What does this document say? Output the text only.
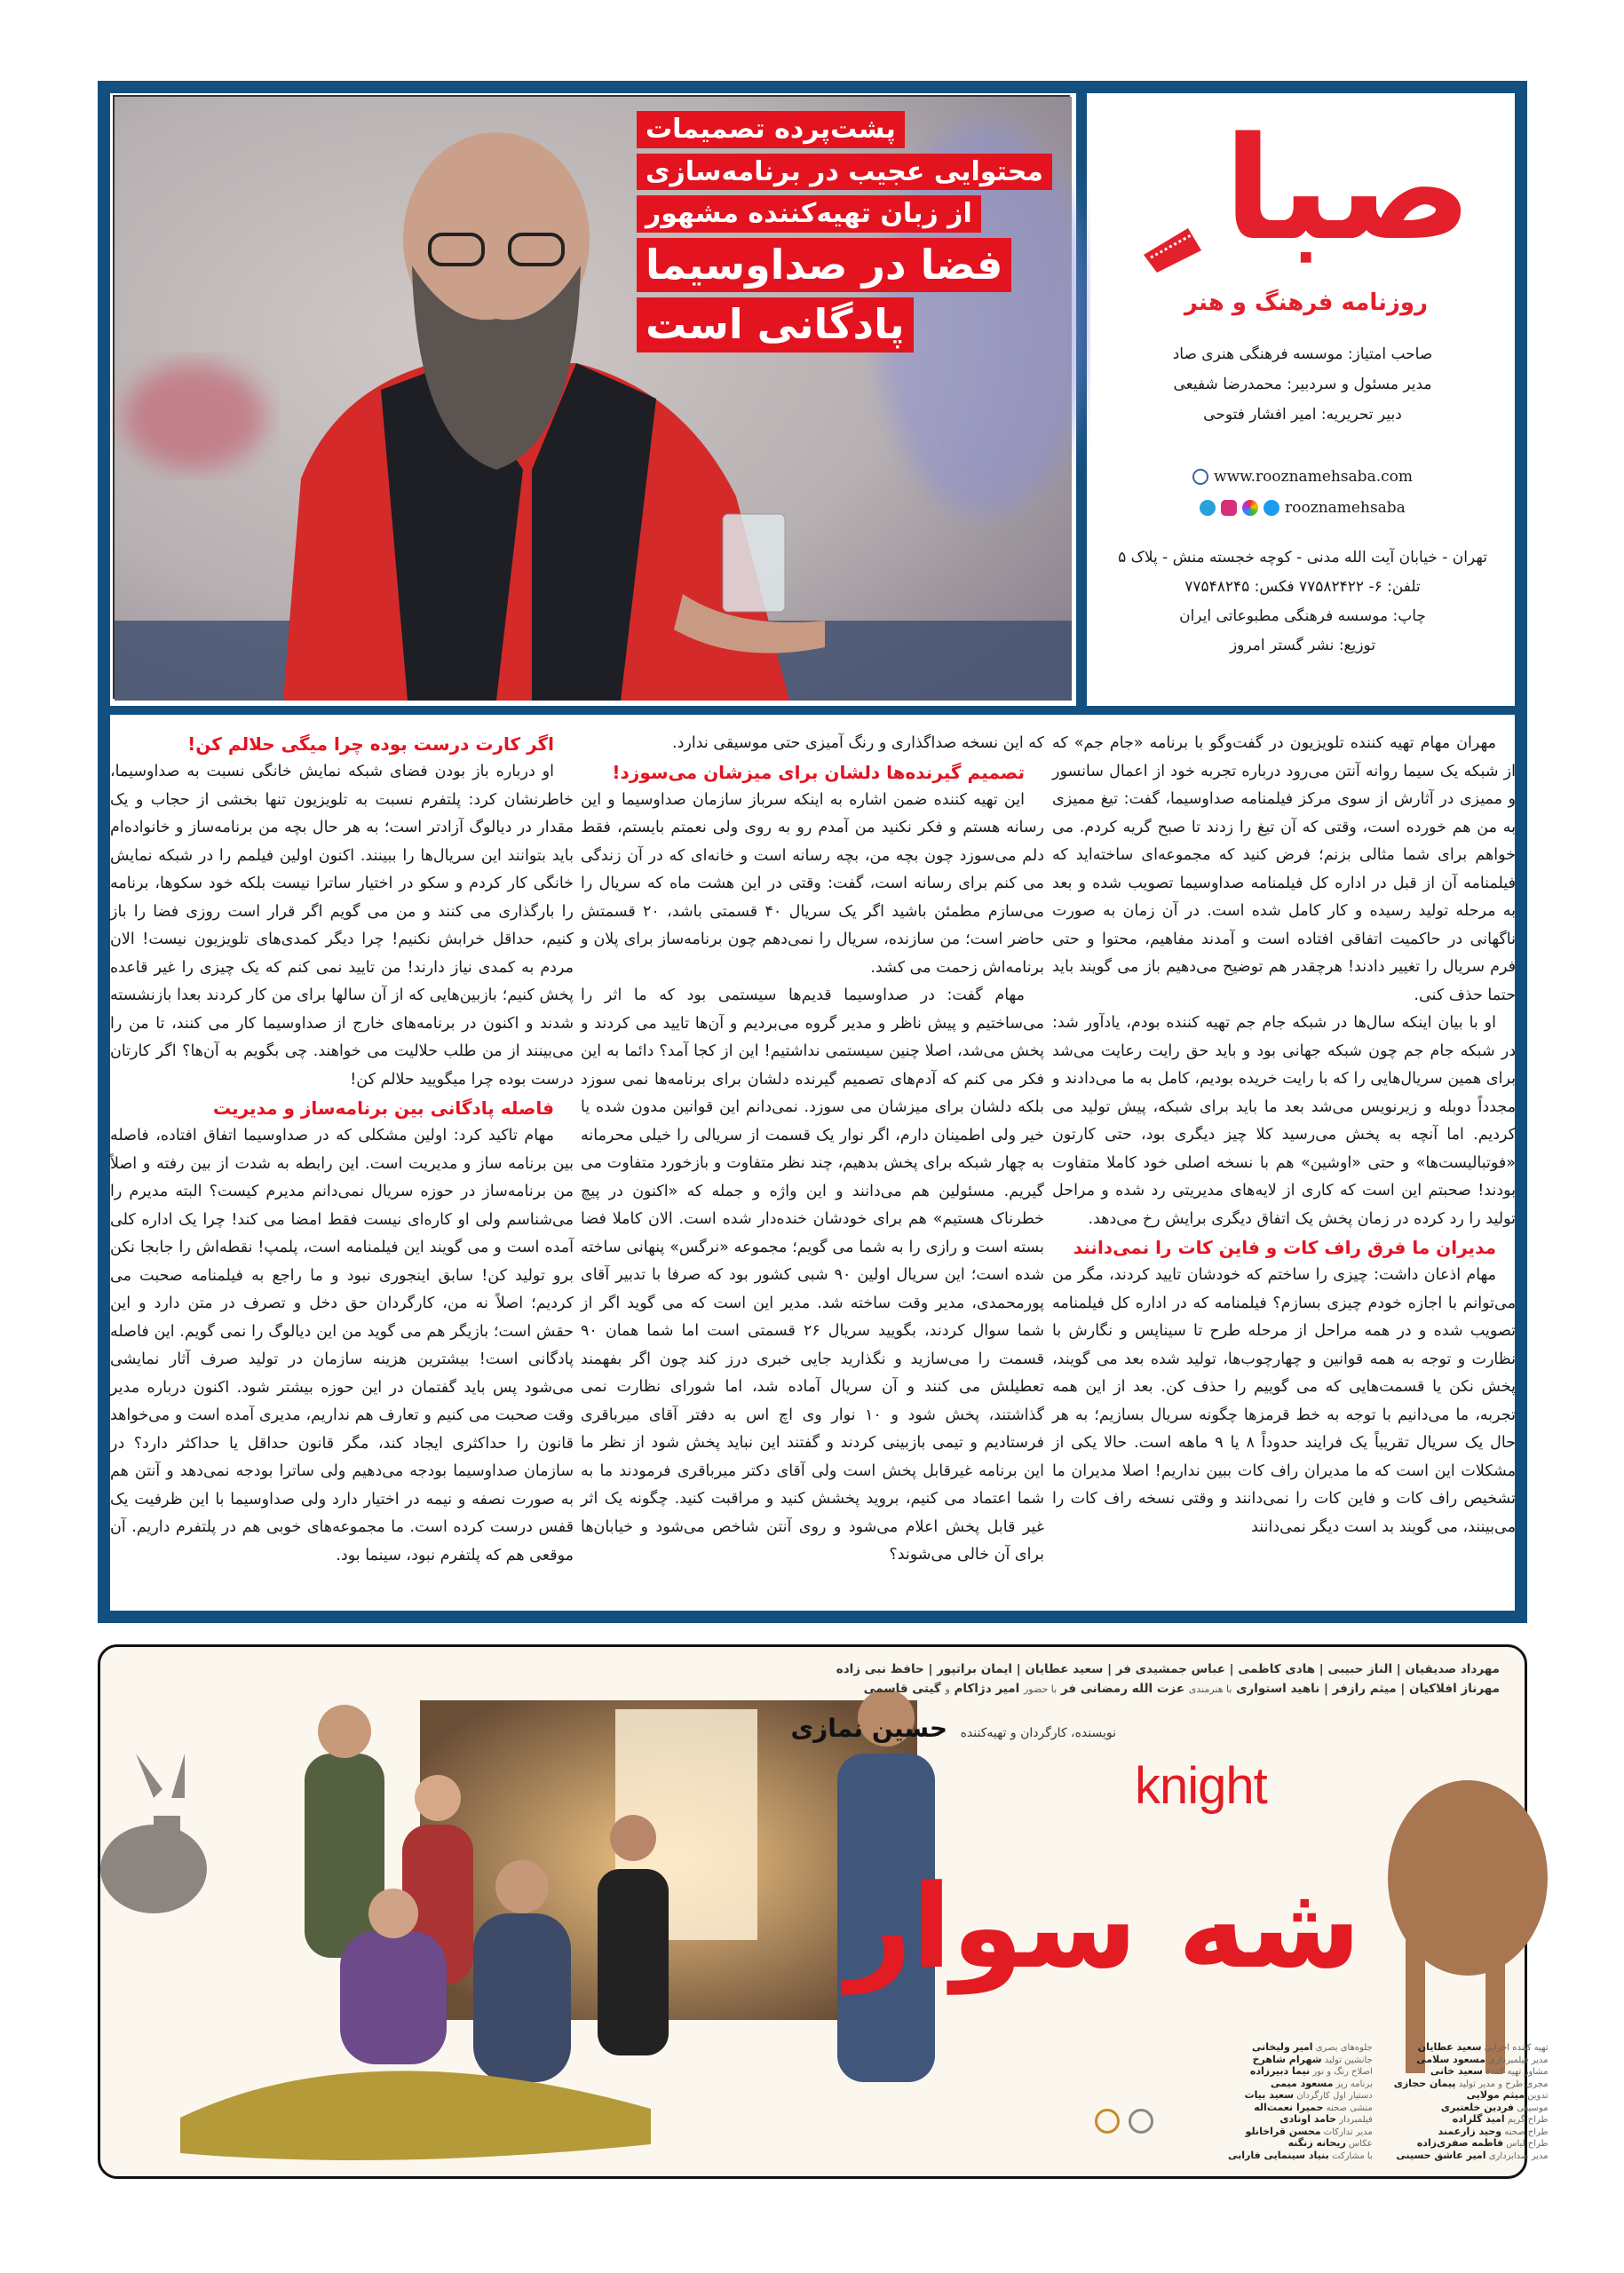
پشت‌پرده تصمیمات
محتوایی عجیب در برنامه‌سازی
از زبان تهیه‌کننده مشهور
فضا در صداوسیما
پادگانی است
صبا
روزنامه فرهنگ و هنر
صاحب امتیاز: موسسه فرهنگی هنری صاد
مدیر مسئول و سردبیر: محمدرضا شفیعی
دبیر تحریریه: امیر افشار فتوحی
www.rooznamehsaba.com
rooznamehsaba
تهران - خیابان آیت الله مدنی - کوچه خجسته منش - پلاک ۵
تلفن: ۶- ۷۷۵۸۲۴۲۲ فکس: ۷۷۵۴۸۲۴۵
چاپ: موسسه فرهنگی مطبوعاتی ایران
توزیع: نشر گستر امروز

مهران مهام تهیه کننده تلویزیون در گفت‌وگو با برنامه «جام جم» که از شبکه یک سیما روانه آنتن می‌رود درباره تجربه خود از اعمال سانسور و ممیزی در آثارش از سوی مرکز فیلمنامه صداوسیما، گفت: تیغ ممیزی به من هم خورده است، وقتی که آن تیغ را زدند تا صبح گریه کردم. می خواهم برای شما مثالی بزنم؛ فرض کنید که مجموعه‌ای ساخته‌اید که فیلمنامه آن از قبل در اداره کل فیلمنامه صداوسیما تصویب شده و بعد به مرحله تولید رسیده و کار کامل شده است. در آن زمان به صورت ناگهانی در حاکمیت اتفاقی افتاده است و آمدند مفاهیم، محتوا و حتی فرم سریال را تغییر دادند! هرچقدر هم توضیح می‌دهیم باز می گویند باید حتما حذف کنی.

او با بیان اینکه سال‌ها در شبکه جام جم تهیه کننده بودم، یادآور شد: در شبکه جام جم چون شبکه جهانی بود و باید حق رایت رعایت می‌شد برای همین سریال‌هایی را که با رایت خریده بودیم، کامل به ما می‌دادند و مجدداً دوبله و زیرنویس می‌شد بعد ما باید برای شبکه، پیش تولید می کردیم. اما آنچه به پخش می‌رسید کلا چیز دیگری بود، حتی کارتون «فوتبالیست‌ها» و حتی «اوشین» هم با نسخه اصلی خود کاملا متفاوت بودند! صحبتم این است که کاری از لایه‌های مدیریتی رد شده و مراحل تولید را رد کرده در زمان پخش یک اتفاق دیگری برایش رخ می‌دهد.

مدیران ما فرق راف کات و فاین کات را نمی‌دانند

مهام اذعان داشت: چیزی را ساختم که خودشان تایید کردند، مگر من می‌توانم با اجازه خودم چیزی بسازم؟ فیلمنامه که در اداره کل فیلمنامه تصویب شده و در همه مراحل از مرحله طرح تا سیناپس و نگارش با نظارت و توجه به همه قوانین و چهارچوب‌ها، تولید شده بعد می گویند، پخش نکن یا قسمت‌هایی که می گوییم را حذف کن. بعد از این همه تجربه، ما می‌دانیم با توجه به خط قرمزها چگونه سریال بسازیم؛ به هر حال یک سریال تقریباً یک فرایند حدوداً ۸ یا ۹ ماهه است. حالا یکی از مشکلات این است که ما مدیران راف کات ببین نداریم! اصلا مدیران ما تشخیص راف کات و فاین کات را نمی‌دانند و وقتی نسخه راف کات را می‌بینند، می گویند بد است دیگر نمی‌دانند

که این نسخه صداگذاری و رنگ آمیزی حتی موسیقی ندارد.

تصمیم گیرنده‌ها دلشان برای میزشان می‌سوزد!

این تهیه کننده ضمن اشاره به اینکه سرباز سازمان صداوسیما و این رسانه هستم و فکر نکنید من آمدم رو به روی ولی نعمتم بایستم، فقط دلم می‌سوزد چون بچه من، بچه رسانه است و خانه‌ای که در آن زندگی می کنم برای رسانه است، گفت: وقتی در این هشت ماه که سریال را می‌سازم مطمئن باشید اگر یک سریال ۴۰ قسمتی باشد، ۲۰ قسمتش حاضر است؛ من سازنده، سریال را نمی‌دهم چون برنامه‌ساز برای پلان و برنامه‌اش زحمت می کشد.

مهام گفت: در صداوسیما قدیم‌ها سیستمی بود که ما اثر را می‌ساختیم و پیش ناظر و مدیر گروه می‌بردیم و آن‌ها تایید می کردند و پخش می‌شد، اصلا چنین سیستمی نداشتیم! این از کجا آمد؟ دائما به این فکر می کنم که آدم‌های تصمیم گیرنده دلشان برای برنامه‌ها نمی سوزد بلکه دلشان برای میزشان می سوزد. نمی‌دانم این قوانین مدون شده یا خیر ولی اطمینان دارم، اگر نوار یک قسمت از سریالی را خیلی محرمانه به چهار شبکه برای پخش بدهیم، چند نظر متفاوت و بازخورد متفاوت می گیریم. مسئولین هم می‌دانند و این واژه و جمله که «اکنون در پیچ خطرناک هستیم» هم برای خودشان خنده‌دار شده است. الان کاملا فضا بسته است و رازی را به شما می گویم؛ مجموعه «نرگس» پنهانی ساخته شده است؛ این سریال اولین ۹۰ شبی کشور بود که صرفا با تدبیر آقای پورمحمدی، مدیر وقت ساخته شد. مدیر این است که می گوید اگر از شما سوال کردند، بگویید سریال ۲۶ قسمتی است اما شما همان ۹۰ قسمت را می‌سازید و نگذارید جایی خبری درز کند چون اگر بفهمند تعطیلش می کنند و آن سریال آماده شد، اما شورای نظارت نمی گذاشتند، پخش شود و ۱۰ نوار وی اچ اس به دفتر آقای میرباقری فرستادیم و تیمی بازبینی کردند و گفتند این نباید پخش شود از نظر ما این برنامه غیرقابل پخش است ولی آقای دکتر میرباقری فرمودند ما به شما اعتماد می کنیم، بروید پخشش کنید و مراقبت کنید. چگونه یک اثر غیر قابل پخش اعلام می‌شود و روی آنتن شاخص می‌شود و خیابان‌ها برای آن خالی می‌شوند؟

اگر کارت درست بوده چرا میگی حلالم کن!

او درباره باز بودن فضای شبکه نمایش خانگی نسبت به صداوسیما، خاطرنشان کرد: پلتفرم نسبت به تلویزیون تنها بخشی از حجاب و یک مقدار در دیالوگ آزادتر است؛ به هر حال بچه من برنامه‌ساز و خانواده‌ام باید بتوانند این سریال‌ها را ببینند. اکنون اولین فیلمم را در شبکه نمایش خانگی کار کردم و سکو در اختیار ساترا نیست بلکه خود سکوها، برنامه را بارگذاری می کنند و من می گویم اگر قرار است روزی فضا را باز کنیم، حداقل خرابش نکنیم! چرا دیگر کمدی‌های تلویزیون نیست! الان مردم به کمدی نیاز دارند! من تایید نمی کنم که یک چیزی را غیر قاعده پخش کنیم؛ بازبین‌هایی که از آن سالها برای من کار کردند بعدا بازنشسته شدند و اکنون در برنامه‌های خارج از صداوسیما کار می کنند، تا من را می‌بینند از من طلب حلالیت می خواهند. چی بگویم به آن‌ها؟ اگر کارتان درست بوده چرا میگویید حلالم کن!

فاصله پادگانی بین برنامه‌ساز و مدیریت

مهام تاکید کرد: اولین مشکلی که در صداوسیما اتفاق افتاده، فاصله بین برنامه ساز و مدیریت است. این رابطه به شدت از بین رفته و اصلاً من برنامه‌ساز در حوزه سریال نمی‌دانم مدیرم کیست؟ البته مدیرم را می‌شناسم ولی او کاره‌ای نیست فقط امضا می کند! چرا یک اداره کلی آمده است و می گویند این فیلمنامه است، پلمپ! نقطه‌اش را جابجا نکن برو تولید کن! سابق اینجوری نبود و ما راجع به فیلمنامه صحبت می کردیم؛ اصلاً نه من، کارگردان حق دخل و تصرف در متن دارد و این حقش است؛ بازیگر هم می گوید من این دیالوگ را نمی گویم. این فاصله پادگانی است! بیشترین هزینه سازمان در تولید صرف آثار نمایشی می‌شود پس باید گفتمان در این حوزه بیشتر شود. اکنون درباره مدیر وقت صحبت می کنیم و تعارف هم نداریم، مدیری آمده است و می‌خواهد قانون را حداکثری ایجاد کند، مگر قانون حداقل یا حداکثر دارد؟ در سازمان صداوسیما بودجه می‌دهیم ولی ساترا بودجه نمی‌دهد و آنتن هم به صورت نصفه و نیمه در اختیار دارد ولی صداوسیما با این ظرفیت یک قفس درست کرده است. ما مجموعه‌های خوبی هم در پلتفرم داریم. آن موقعی هم که پلتفرم نبود، سینما بود.

مهرداد صدیقیان | الناز حبیبی | هادی کاظمی | عباس جمشیدی فر | سعید عطایان | ایمان براتپور | حافظ نبی زاده
مهرناز افلاکیان | میثم رازفر | ناهید استواری با هنرمندی عزت الله رمضانی فر با حضور امیر دژاکام و گیتی قاسمی
نویسنده، کارگردان و تهیه‌کننده حسین نمازی
knight
شه سوار
تهیه کننده اجرایی سعید عطایان
مدیر فیلمبرداری مسعود سلامی
مشاور تهیه کننده سعید خانی
مجری طرح و مدیر تولید پیمان حجازی
تدوین میثم مولایی
موسیقی فردین خلعتبری
طراح گریم امید گلزاده
طراح صحنه وحید زارعمند
طراح لباس فاطمه صفری‌زاده
مدیر صدابرداری امیر عاشق حسینی
جلوه‌های بصری امیر ولیخانی
جانشین تولید شهرام شاهرخ
اصلاح رنگ و نور نیما دبیرزاده
برنامه ریز مسعود میمی
دستیار اول کارگردان سعید بیات
منشی صحنه حمیرا نعمت‌اله
فیلمبردار حامد اوتادی
مدیر تدارکات محسن قراخانلو
عکاس ریحانه زنگنه
با مشارکت بنیاد سینمایی فارابی
